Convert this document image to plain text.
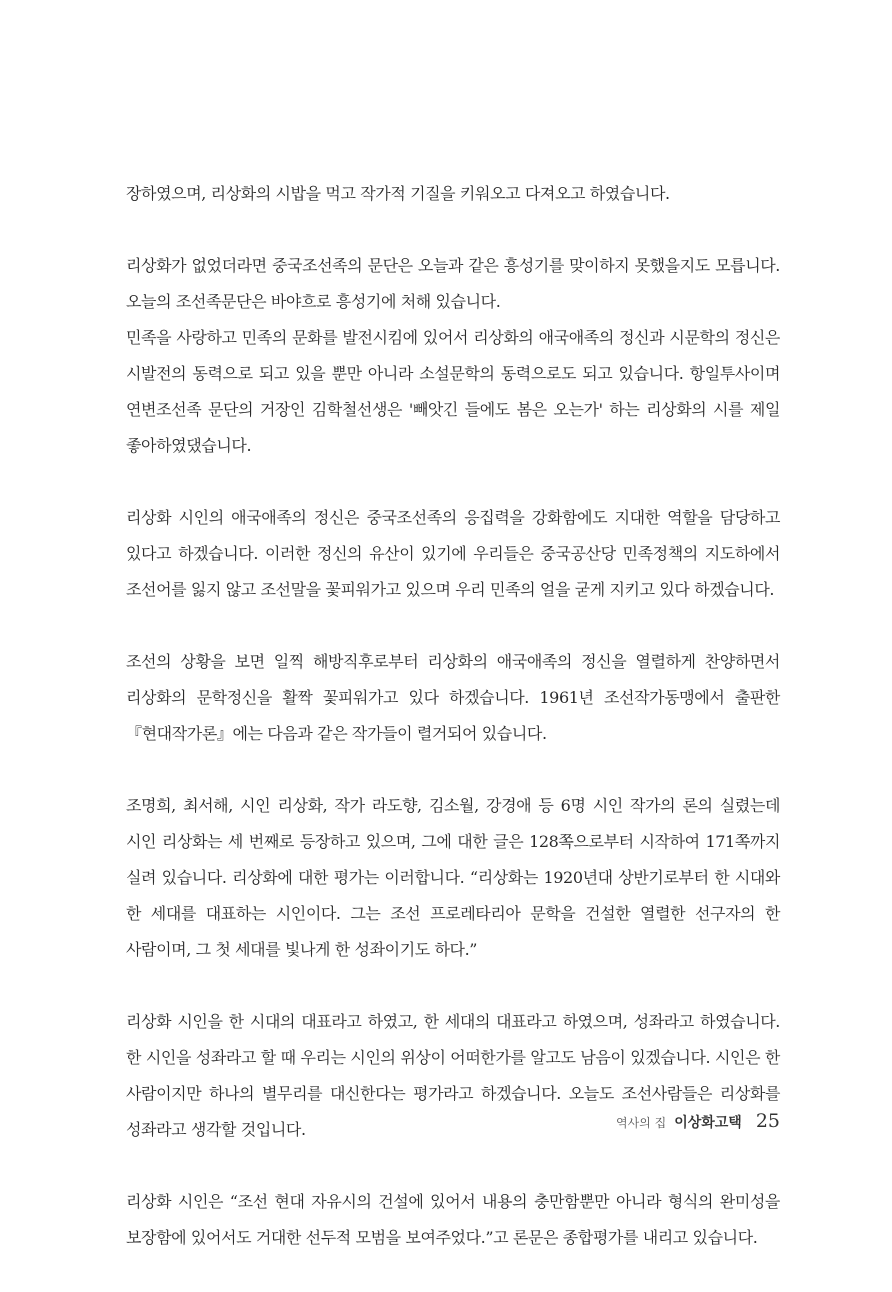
장하였으며, 리상화의 시밥을 먹고 작가적 기질을 키워오고 다져오고 하였습니다.

리상화가 없었더라면 중국조선족의 문단은 오늘과 같은 흥성기를 맞이하지 못했을지도 모릅니다. 오늘의 조선족문단은 바야흐로 흥성기에 처해 있습니다.
민족을 사랑하고 민족의 문화를 발전시킴에 있어서 리상화의 애국애족의 정신과 시문학의 정신은 시발전의 동력으로 되고 있을 뿐만 아니라 소설문학의 동력으로도 되고 있습니다. 항일투사이며 연변조선족 문단의 거장인 김학철선생은 '빼앗긴 들에도 봄은 오는가' 하는 리상화의 시를 제일 좋아하였댔습니다.

리상화 시인의 애국애족의 정신은 중국조선족의 응집력을 강화함에도 지대한 역할을 담당하고 있다고 하겠습니다. 이러한 정신의 유산이 있기에 우리들은 중국공산당 민족정책의 지도하에서 조선어를 잃지 않고 조선말을 꽃피워가고 있으며 우리 민족의 얼을 굳게 지키고 있다 하겠습니다.

조선의 상황을 보면 일찍 해방직후로부터 리상화의 애국애족의 정신을 열렬하게 찬양하면서 리상화의 문학정신을 활짝 꽃피워가고 있다 하겠습니다. 1961년 조선작가동맹에서 출판한『현대작가론』에는 다음과 같은 작가들이 렬거되어 있습니다.

조명희, 최서해, 시인 리상화, 작가 라도향, 김소월, 강경애 등 6명 시인 작가의 론의 실렸는데 시인 리상화는 세 번째로 등장하고 있으며, 그에 대한 글은 128쪽으로부터 시작하여 171쪽까지 실려 있습니다. 리상화에 대한 평가는 이러합니다. “리상화는 1920년대 상반기로부터 한 시대와 한 세대를 대표하는 시인이다. 그는 조선 프로레타리아 문학을 건설한 열렬한 선구자의 한 사람이며, 그 첫 세대를 빛나게 한 성좌이기도 하다.”

리상화 시인을 한 시대의 대표라고 하였고, 한 세대의 대표라고 하였으며, 성좌라고 하였습니다. 한 시인을 성좌라고 할 때 우리는 시인의 위상이 어떠한가를 알고도 남음이 있겠습니다. 시인은 한 사람이지만 하나의 별무리를 대신한다는 평가라고 하겠습니다. 오늘도 조선사람들은 리상화를 성좌라고 생각할 것입니다.

리상화 시인은 “조선 현대 자유시의 건설에 있어서 내용의 충만함뿐만 아니라 형식의 완미성을 보장함에 있어서도 거대한 선두적 모범을 보여주었다.”고 론문은 종합평가를 내리고 있습니다.

역사의 집 이상화고택 25
